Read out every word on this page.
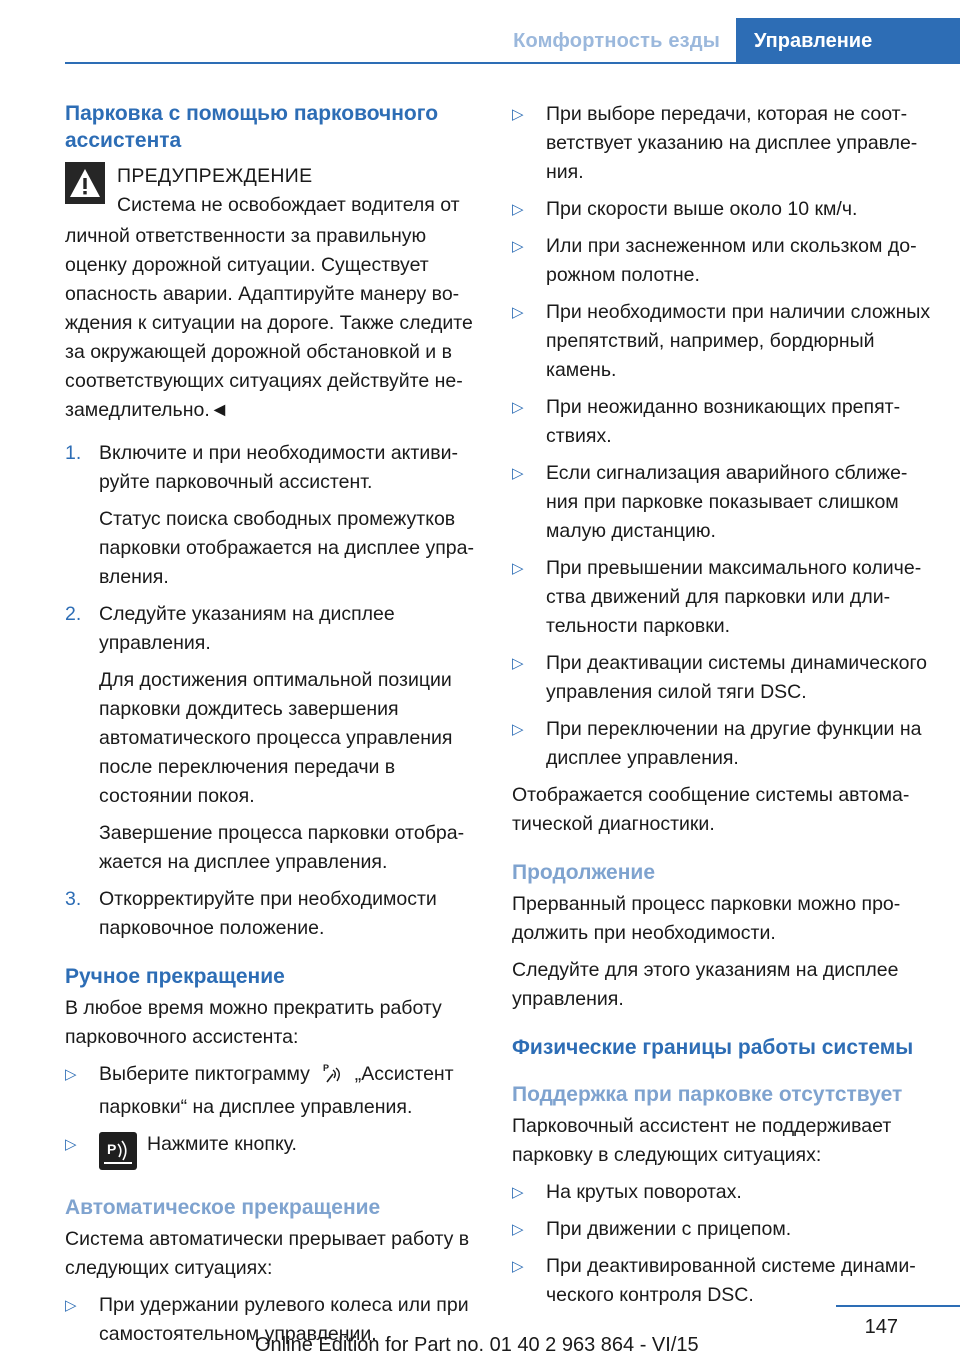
Комфортность езды Управление
Парковка с помощью парковочного ассистента
ПРЕДУПРЕЖДЕНИЕ
Система не освобождает водителя от

личной ответственности за правильную оценку дорожной ситуации. Существует опасность аварии. Адаптируйте манеру вождения к ситуации на дороге. Также следите за окружающей дорожной обстановкой и в соответствующих ситуациях действуйте незамедлительно.◄

1. Включите и при необходимости активируйте парковочный ассистент.
Статус поиска свободных промежутков парковки отображается на дисплее управления.
2. Следуйте указаниям на дисплее управления.
Для достижения оптимальной позиции парковки дождитесь завершения автоматического процесса управления после переключения передачи в состоянии покоя.
Завершение процесса парковки отображается на дисплее управления.
3. Откорректируйте при необходимости парковочное положение.
Ручное прекращение

В любое время можно прекратить работу парковочного ассистента:

▷ Выберите пиктограмму P „Ассистент парковки“ на дисплее управления.
▷ P Нажмите кнопку.
Автоматическое прекращение

Система автоматически прерывает работу в следующих ситуациях:

▷ При удержании рулевого колеса или при самостоятельном управлении.
▷ При выборе передачи, которая не соответствует указанию на дисплее управления.
▷ При скорости выше около 10 км/ч.
▷ Или при заснеженном или скользком дорожном полотне.
▷ При необходимости при наличии сложных препятствий, например, бордюрный камень.
▷ При неожиданно возникающих препятствиях.
▷ Если сигнализация аварийного сближения при парковке показывает слишком малую дистанцию.
▷ При превышении максимального количества движений для парковки или длительности парковки.
▷ При деактивации системы динамического управления силой тяги DSC.
▷ При переключении на другие функции на дисплее управления.

Отображается сообщение системы автоматической диагностики.

Продолжение

Прерванный процесс парковки можно продолжить при необходимости.

Следуйте для этого указаниям на дисплее управления.

Физические границы работы системы
Поддержка при парковке отсутствует

Парковочный ассистент не поддерживает парковку в следующих ситуациях:

▷ На крутых поворотах.
▷ При движении с прицепом.
▷ При деактивированной системе динамического контроля DSC.
147
Online Edition for Part no. 01 40 2 963 864 - VI/15
